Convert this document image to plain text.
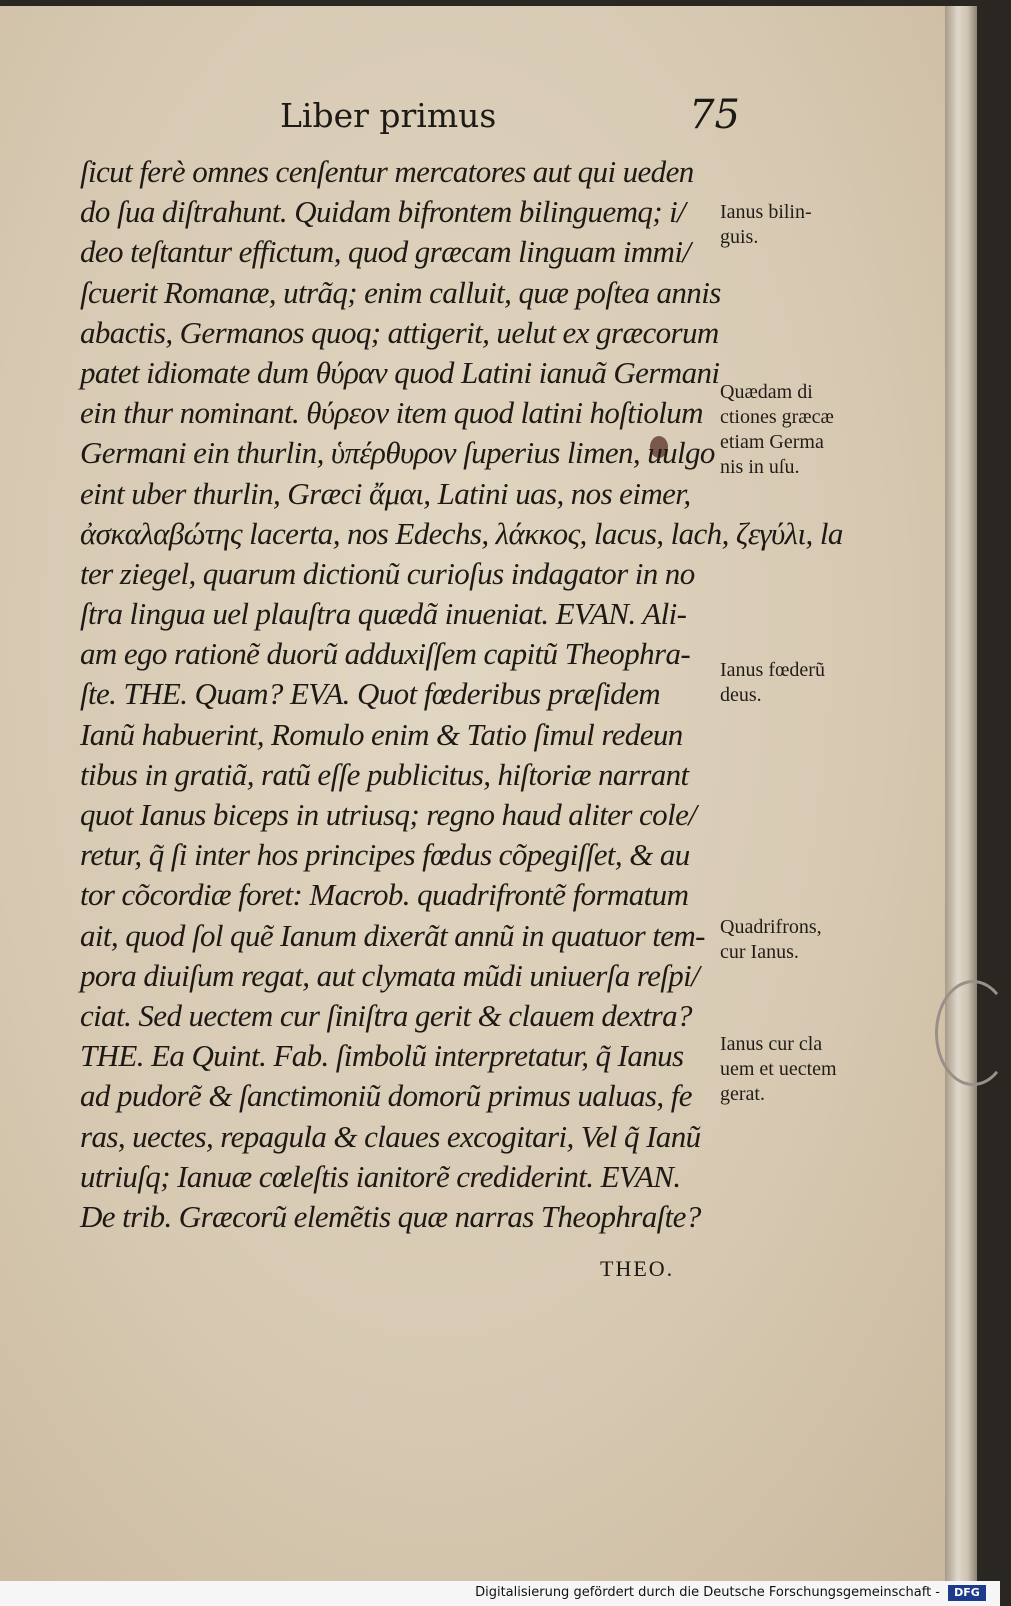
Liber primus	75
ſicut ferè omnes cenſentur mercatores aut qui ueden
do ſua diſtrahunt. Quidam bifrontem bilinguemq; i/
deo teſtantur effictum, quod græcam linguam immi/
ſcuerit Romanæ, utrãq; enim calluit, quæ poſtea annis
abactis, Germanos quoq; attigerit, uelut ex græcorum
patet idiomate dum θύραν quod Latini ianuã Germani
ein thur nominant. θύρεον item quod latini hoſtiolum
Germani ein thurlin, ὑπέρθυρον ſuperius limen, uulgo
eint uber thurlin, Græci ἄμαι, Latini uas, nos eimer,
ἀσκαλαβώτης lacerta, nos Edechs, λάκκος, lacus, lach, ζεγύλι, la
ter ziegel, quarum dictionũ curioſus indagator in no
ſtra lingua uel plauſtra quædã inueniat. EVAN. Ali-
am ego rationẽ duorũ adduxiſſem capitũ Theophra-
ſte. THE. Quam? EVA. Quot fœderibus præſidem
Ianũ habuerint, Romulo enim & Tatio ſimul redeun
tibus in gratiã, ratũ eſſe publicitus, hiſtoriæ narrant
quot Ianus biceps in utriusq; regno haud aliter cole/
retur, q̃ ſi inter hos principes fœdus cõpegiſſet, & au
tor cõcordiæ foret: Macrob. quadrifrontẽ formatum
ait, quod ſol quẽ Ianum dixerãt annũ in quatuor tem-
pora diuiſum regat, aut clymata mũdi uniuerſa reſpi/
ciat. Sed uectem cur ſiniſtra gerit & clauem dextra?
THE. Ea Quint. Fab. ſimbolũ interpretatur, q̃ Ianus
ad pudorẽ & ſanctimoniũ domorũ primus ualuas, fe
ras, uectes, repagula & claues excogitari, Vel q̃ Ianũ
utriuſq; Ianuæ cœleſtis ianitorẽ crediderint. EVAN.
De trib. Græcorũ elemẽtis quæ narras Theophraſte?
THEO.
Ianus bilin-
guis.
Quædam di
ctiones græcæ
etiam Germa
nis in uſu.
Ianus fœderũ
deus.
Quadrifrons,
cur Ianus.
Ianus cur cla
uem et uectem
gerat.
Digitalisierung gefördert durch die Deutsche Forschungsgemeinschaft -	DFG
